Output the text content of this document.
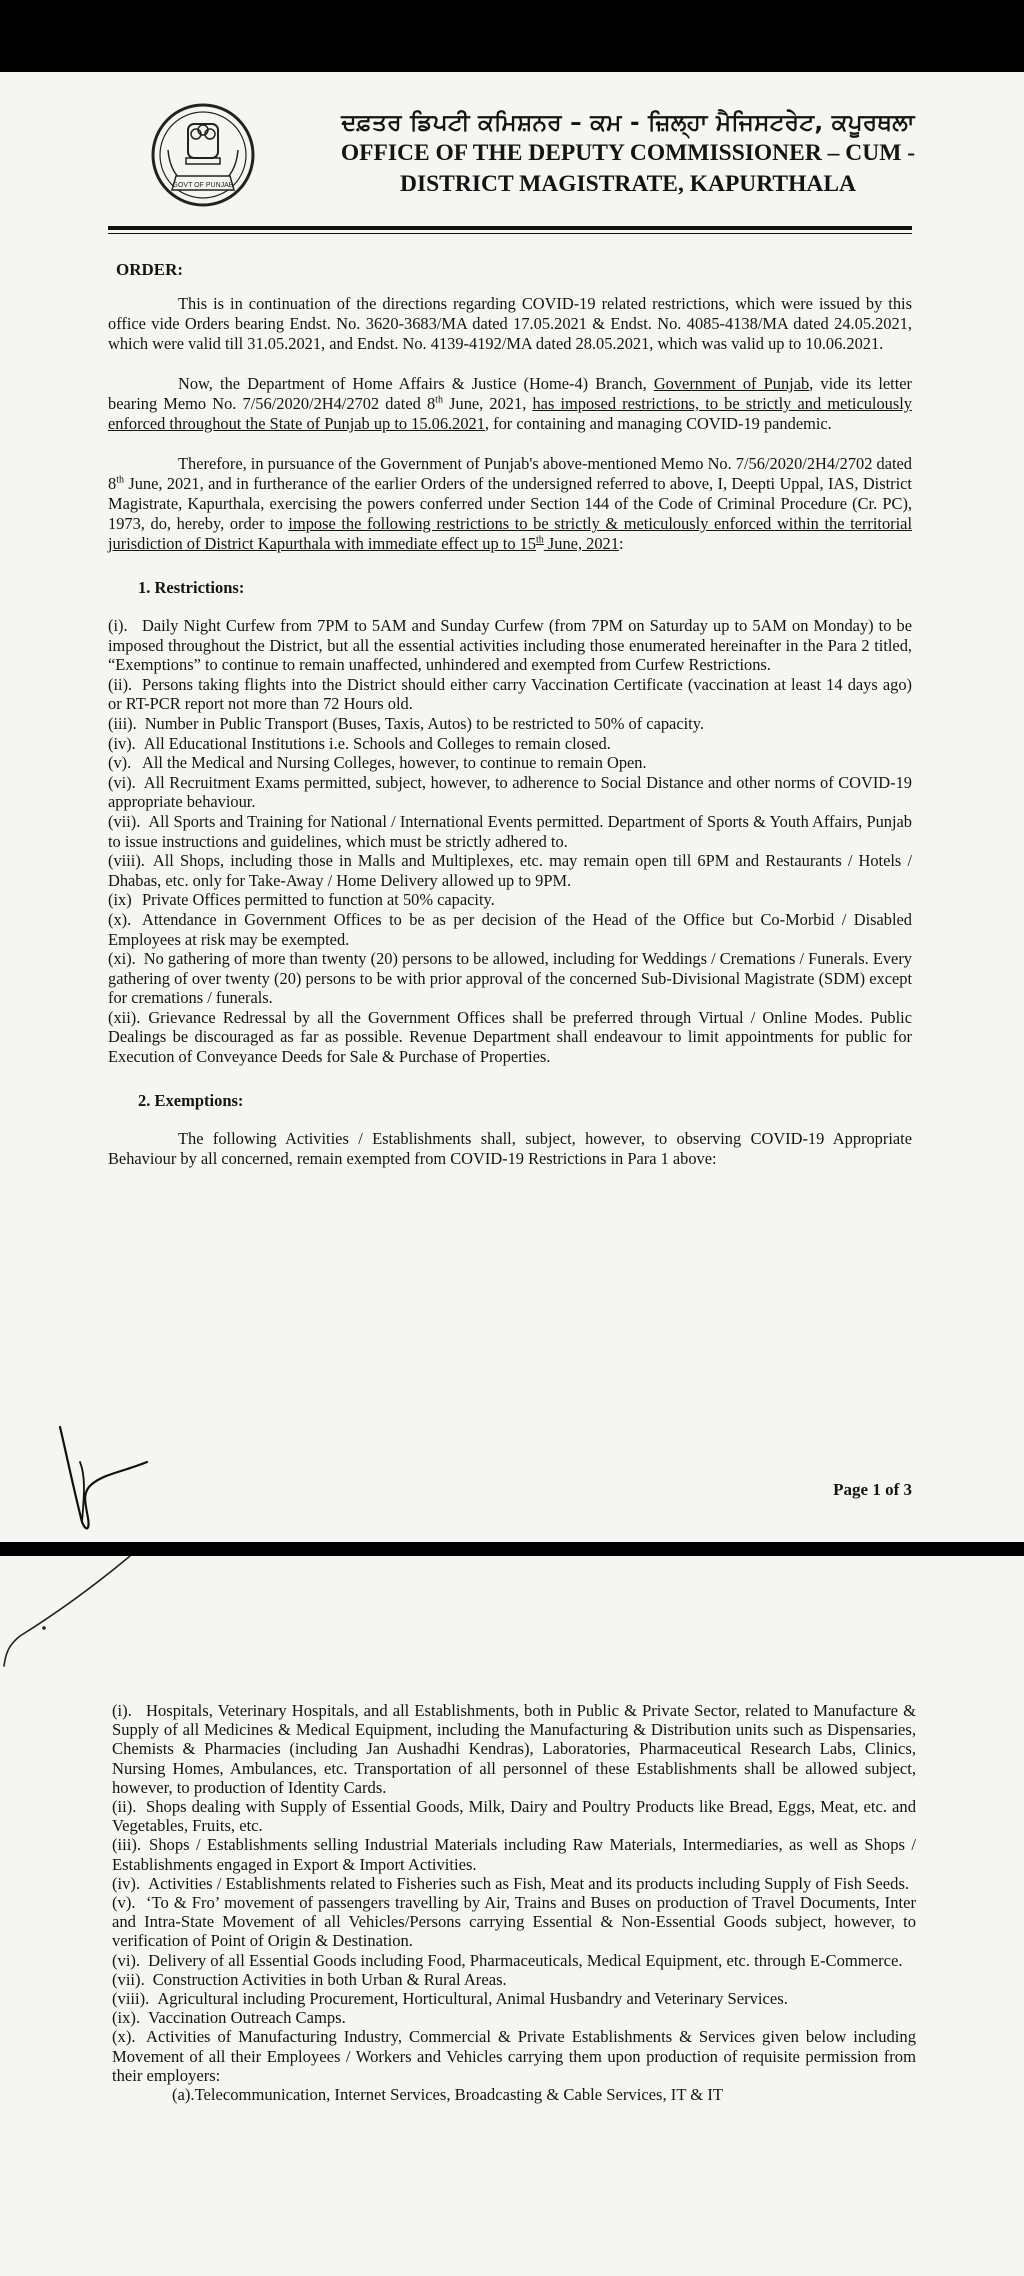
GOVT OF PUNJAB
ਦਫ਼ਤਰ ਡਿਪਟੀ ਕਮਿਸ਼ਨਰ – ਕਮ - ਜ਼ਿਲ੍ਹਾ ਮੈਜਿਸਟਰੇਟ, ਕਪੂਰਥਲਾ
OFFICE OF THE DEPUTY COMMISSIONER – CUM -
DISTRICT MAGISTRATE, KAPURTHALA
ORDER:

This is in continuation of the directions regarding COVID-19 related restrictions, which were issued by this office vide Orders bearing Endst. No. 3620-3683/MA dated 17.05.2021 & Endst. No. 4085-4138/MA dated 24.05.2021, which were valid till 31.05.2021, and Endst. No. 4139-4192/MA dated 28.05.2021, which was valid up to 10.06.2021.

Now, the Department of Home Affairs & Justice (Home-4) Branch, Government of Punjab, vide its letter bearing Memo No. 7/56/2020/2H4/2702 dated 8th June, 2021, has imposed restrictions, to be strictly and meticulously enforced throughout the State of Punjab up to 15.06.2021, for containing and managing COVID-19 pandemic.

Therefore, in pursuance of the Government of Punjab's above-mentioned Memo No. 7/56/2020/2H4/2702 dated 8th June, 2021, and in furtherance of the earlier Orders of the undersigned referred to above, I, Deepti Uppal, IAS, District Magistrate, Kapurthala, exercising the powers conferred under Section 144 of the Code of Criminal Procedure (Cr. PC), 1973, do, hereby, order to impose the following restrictions to be strictly & meticulously enforced within the territorial jurisdiction of District Kapurthala with immediate effect up to 15th June, 2021:

1. Restrictions:
(i). Daily Night Curfew from 7PM to 5AM and Sunday Curfew (from 7PM on Saturday up to 5AM on Monday) to be imposed throughout the District, but all the essential activities including those enumerated hereinafter in the Para 2 titled, “Exemptions” to continue to remain unaffected, unhindered and exempted from Curfew Restrictions.
(ii). Persons taking flights into the District should either carry Vaccination Certificate (vaccination at least 14 days ago) or RT-PCR report not more than 72 Hours old.
(iii). Number in Public Transport (Buses, Taxis, Autos) to be restricted to 50% of capacity.
(iv). All Educational Institutions i.e. Schools and Colleges to remain closed.
(v). All the Medical and Nursing Colleges, however, to continue to remain Open.
(vi). All Recruitment Exams permitted, subject, however, to adherence to Social Distance and other norms of COVID-19 appropriate behaviour.
(vii). All Sports and Training for National / International Events permitted. Department of Sports & Youth Affairs, Punjab to issue instructions and guidelines, which must be strictly adhered to.
(viii). All Shops, including those in Malls and Multiplexes, etc. may remain open till 6PM and Restaurants / Hotels / Dhabas, etc. only for Take-Away / Home Delivery allowed up to 9PM.
(ix) Private Offices permitted to function at 50% capacity.
(x). Attendance in Government Offices to be as per decision of the Head of the Office but Co-Morbid / Disabled Employees at risk may be exempted.
(xi). No gathering of more than twenty (20) persons to be allowed, including for Weddings / Cremations / Funerals. Every gathering of over twenty (20) persons to be with prior approval of the concerned Sub-Divisional Magistrate (SDM) except for cremations / funerals.
(xii). Grievance Redressal by all the Government Offices shall be preferred through Virtual / Online Modes. Public Dealings be discouraged as far as possible. Revenue Department shall endeavour to limit appointments for public for Execution of Conveyance Deeds for Sale & Purchase of Properties.
2. Exemptions:

The following Activities / Establishments shall, subject, however, to observing COVID-19 Appropriate Behaviour by all concerned, remain exempted from COVID-19 Restrictions in Para 1 above:

Page 1 of 3
(i). Hospitals, Veterinary Hospitals, and all Establishments, both in Public & Private Sector, related to Manufacture & Supply of all Medicines & Medical Equipment, including the Manufacturing & Distribution units such as Dispensaries, Chemists & Pharmacies (including Jan Aushadhi Kendras), Laboratories, Pharmaceutical Research Labs, Clinics, Nursing Homes, Ambulances, etc. Transportation of all personnel of these Establishments shall be allowed subject, however, to production of Identity Cards.
(ii). Shops dealing with Supply of Essential Goods, Milk, Dairy and Poultry Products like Bread, Eggs, Meat, etc. and Vegetables, Fruits, etc.
(iii). Shops / Establishments selling Industrial Materials including Raw Materials, Intermediaries, as well as Shops / Establishments engaged in Export & Import Activities.
(iv). Activities / Establishments related to Fisheries such as Fish, Meat and its products including Supply of Fish Seeds.
(v). ‘To & Fro’ movement of passengers travelling by Air, Trains and Buses on production of Travel Documents, Inter and Intra-State Movement of all Vehicles/Persons carrying Essential & Non-Essential Goods subject, however, to verification of Point of Origin & Destination.
(vi). Delivery of all Essential Goods including Food, Pharmaceuticals, Medical Equipment, etc. through E-Commerce.
(vii). Construction Activities in both Urban & Rural Areas.
(viii). Agricultural including Procurement, Horticultural, Animal Husbandry and Veterinary Services.
(ix). Vaccination Outreach Camps.
(x). Activities of Manufacturing Industry, Commercial & Private Establishments & Services given below including Movement of all their Employees / Workers and Vehicles carrying them upon production of requisite permission from their employers:
(a).Telecommunication, Internet Services, Broadcasting & Cable Services, IT & IT
